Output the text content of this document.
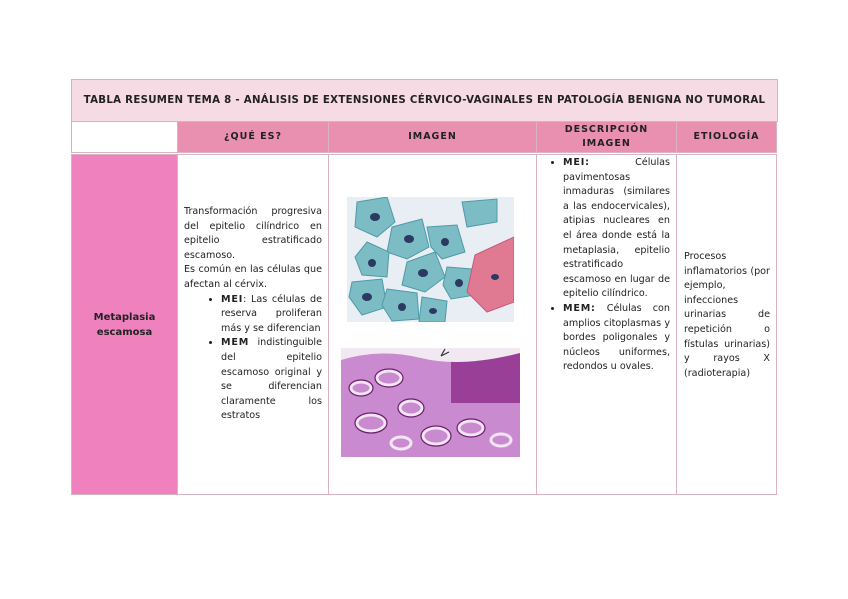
TABLA RESUMEN TEMA 8 - ANÁLISIS DE EXTENSIONES CÉRVICO-VAGINALES EN PATOLOGÍA BENIGNA NO TUMORAL
¿QUÉ ES?	IMAGEN
DESCRIPCIÓN IMAGEN
ETIOLOGÍA
Metaplasia escamosa

Transformación progresiva del epitelio cilíndrico en epitelio estratificado escamoso.

Es común en las células que afectan al cérvix.

• MEI: Las células de reserva proliferan más y se diferencian
• MEM indistinguible del epitelio escamoso original y se diferencian claramente los estratos
• MEI: Células pavimentosas inmaduras (similares a las endocervicales), atipias nucleares en el área donde está la metaplasia, epitelio estratificado escamoso en lugar de epitelio cilíndrico.
• MEM: Células con amplios citoplasmas y bordes poligonales y núcleos uniformes, redondos u ovales.

Procesos inflamatorios (por ejemplo, infecciones urinarias de repetición o fístulas urinarias) y rayos X (radioterapia)
